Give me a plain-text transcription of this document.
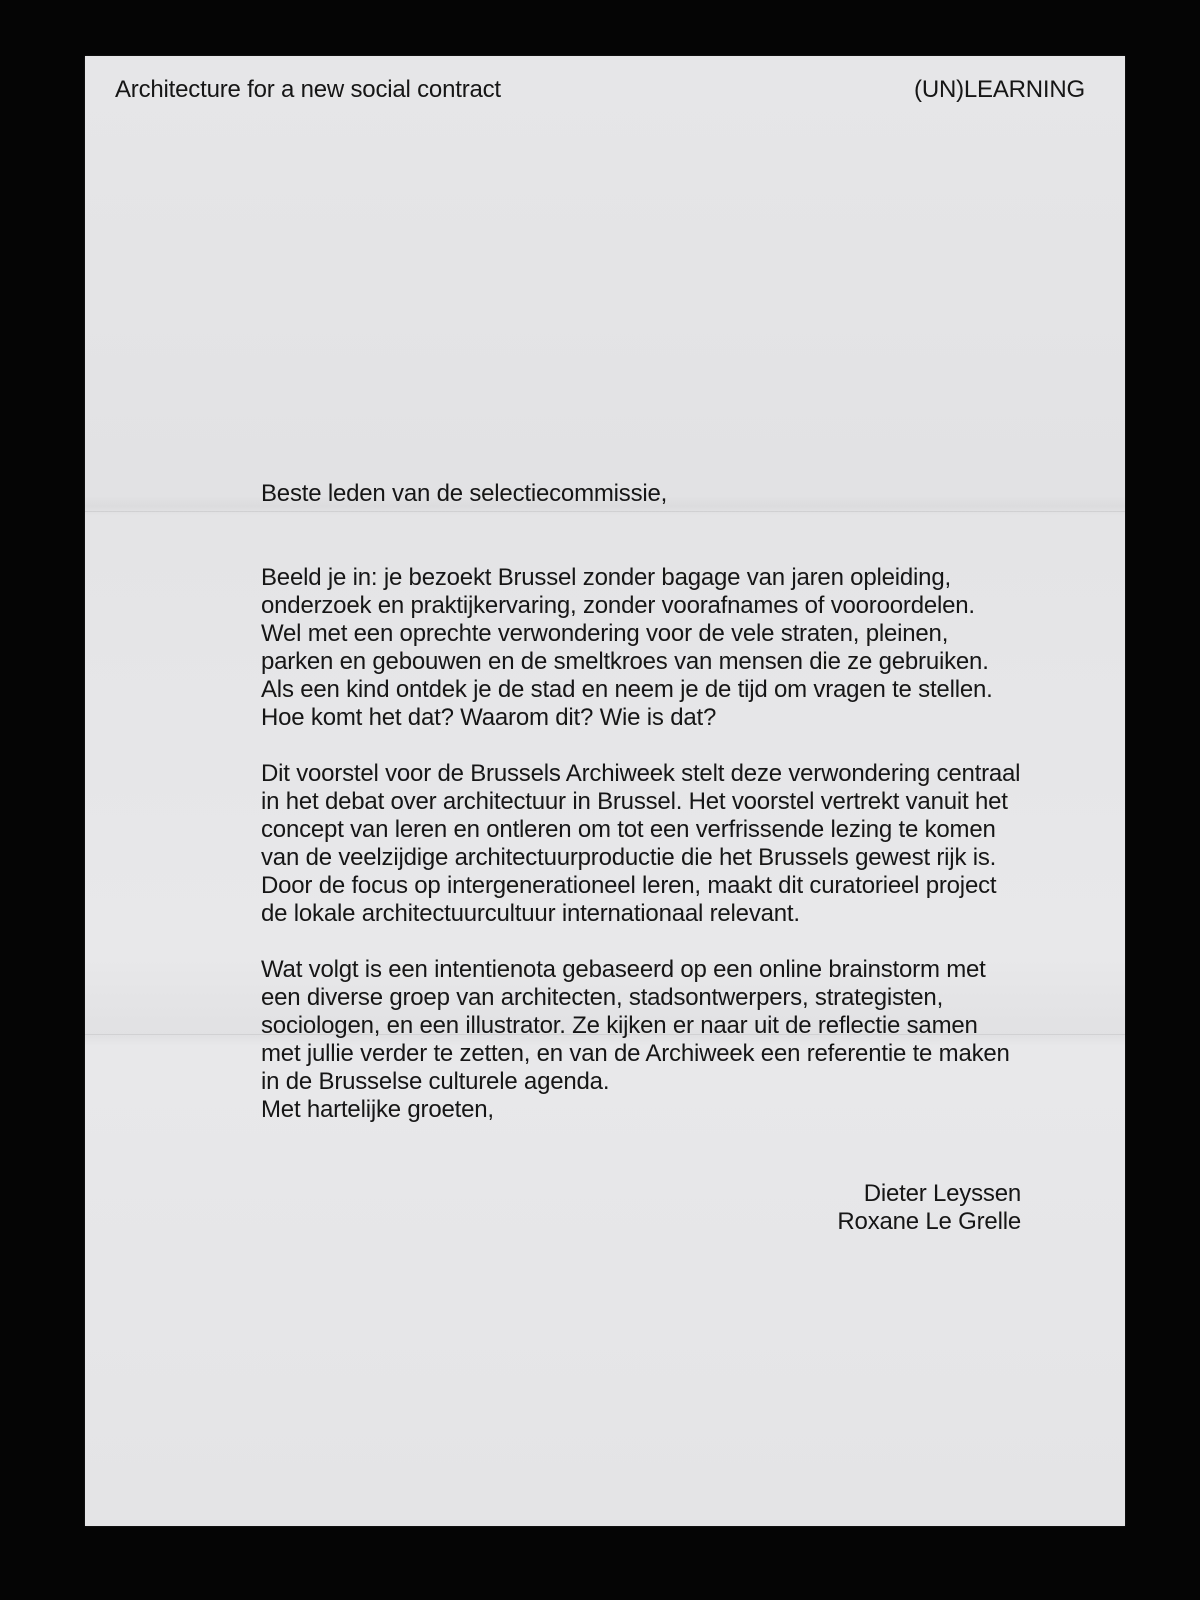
Architecture for a new social contract	(UN)LEARNING

Beste leden van de selectiecommissie,

Beeld je in: je bezoekt Brussel zonder bagage van jaren opleiding, onderzoek en praktijkervaring, zonder voorafnames of vooroordelen. Wel met een oprechte verwondering voor de vele straten, pleinen, parken en gebouwen en de smeltkroes van mensen die ze gebruiken. Als een kind ontdek je de stad en neem je de tijd om vragen te stellen. Hoe komt het dat? Waarom dit? Wie is dat?

Dit voorstel voor de Brussels Archiweek stelt deze verwondering centraal in het debat over architectuur in Brussel. Het voorstel vertrekt vanuit het concept van leren en ontleren om tot een verfrissende lezing te komen van de veelzijdige architectuurproductie die het Brussels gewest rijk is. Door de focus op intergenerationeel leren, maakt dit curatorieel project de lokale architectuurcultuur internationaal relevant.

Wat volgt is een intentienota gebaseerd op een online brainstorm met een diverse groep van architecten, stadsontwerpers, strategisten, sociologen, en een illustrator. Ze kijken er naar uit de reflectie samen met jullie verder te zetten, en van de Archiweek een referentie te maken in de Brusselse culturele agenda.

Met hartelijke groeten,

Dieter Leyssen
Roxane Le Grelle
